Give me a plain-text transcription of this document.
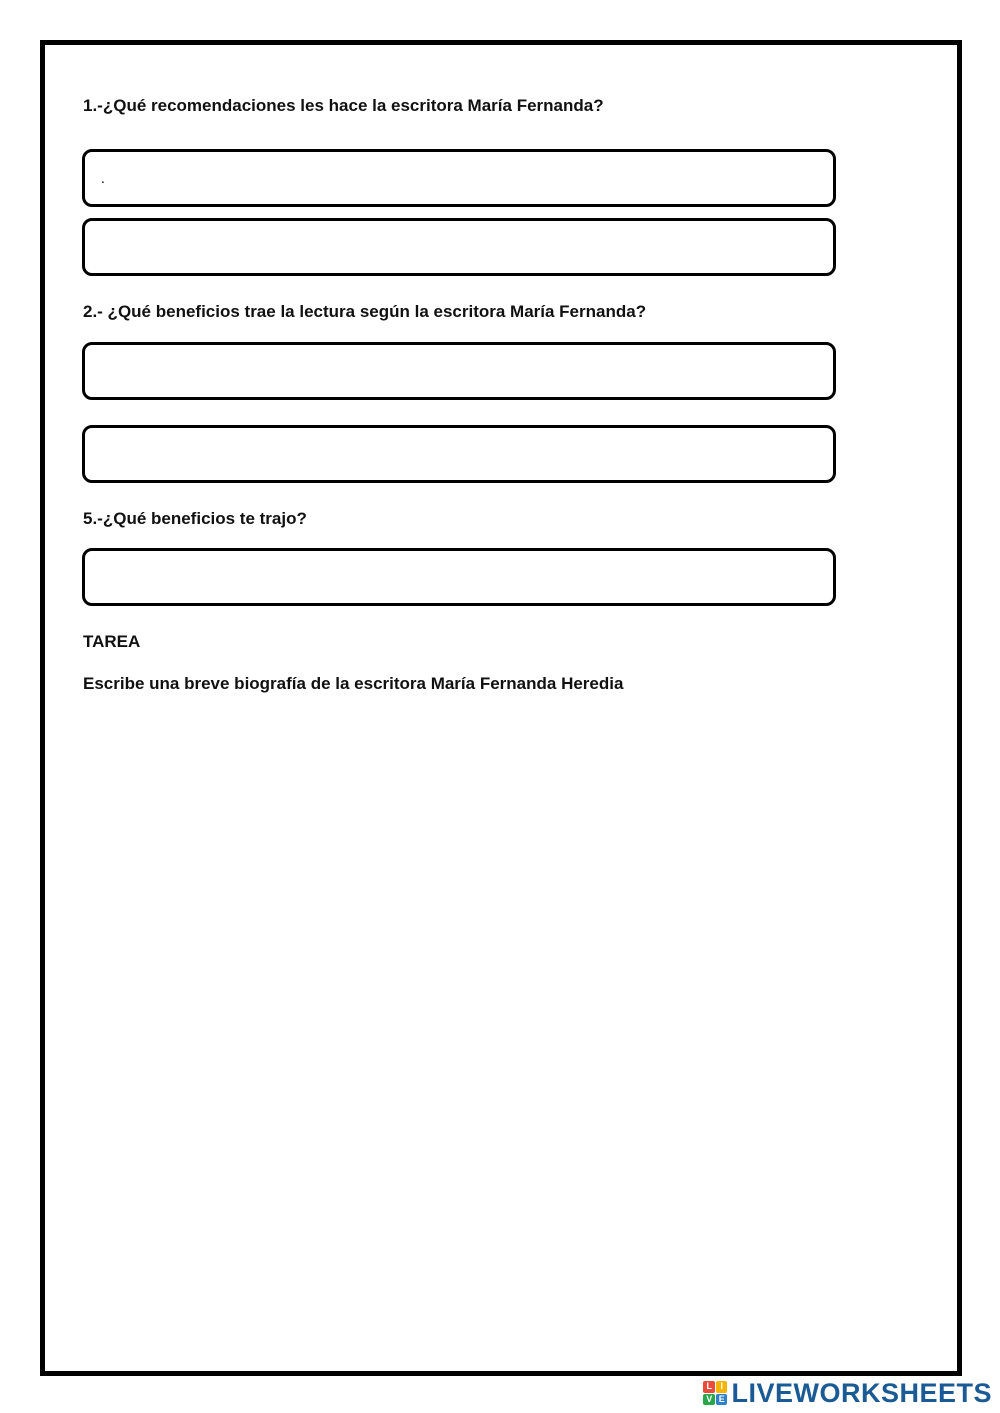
1.-¿Qué recomendaciones les hace la escritora María Fernanda?

.

2.- ¿Qué beneficios trae la lectura según la escritora María Fernanda?

5.-¿Qué beneficios te trajo?

TAREA

Escribe una breve biografía de la escritora María Fernanda Heredia

L I
V E LIVEWORKSHEETS
